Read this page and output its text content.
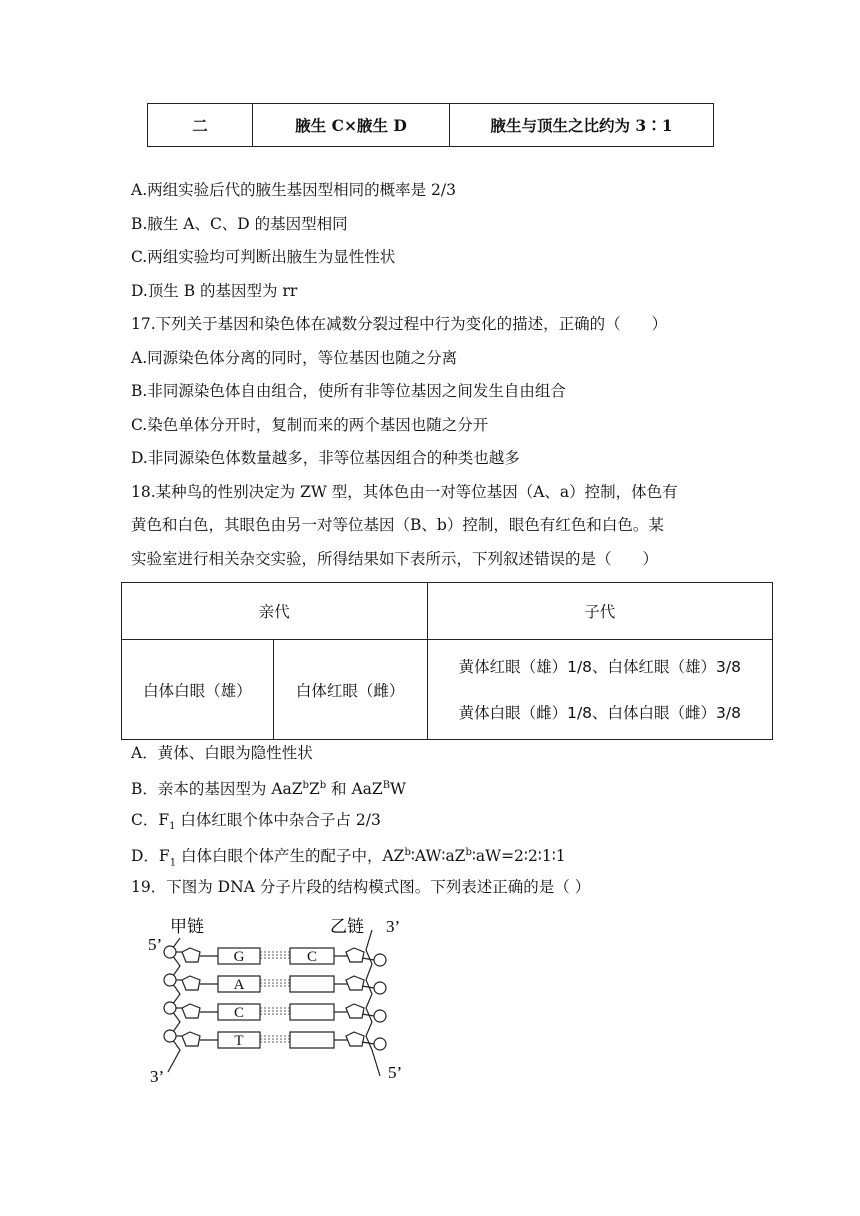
二	腋生 C×腋生 D	腋生与顶生之比约为 3∶1
A.两组实验后代的腋生基因型相同的概率是 2/3
B.腋生 A、C、D 的基因型相同
C.两组实验均可判断出腋生为显性性状
D.顶生 B 的基因型为 rr
17.下列关于基因和染色体在减数分裂过程中行为变化的描述，正确的（　　）
A.同源染色体分离的同时，等位基因也随之分离
B.非同源染色体自由组合，使所有非等位基因之间发生自由组合
C.染色单体分开时，复制而来的两个基因也随之分开
D.非同源染色体数量越多，非等位基因组合的种类也越多
18.某种鸟的性别决定为 ZW 型，其体色由一对等位基因（A、a）控制，体色有
黄色和白色，其眼色由另一对等位基因（B、b）控制，眼色有红色和白色。某
实验室进行相关杂交实验，所得结果如下表所示，下列叙述错误的是（　　）
亲代		子代
白体白眼（雄）	白体红眼（雌）	黄体红眼（雄）1/8、白体红眼（雄）3/8
黄体白眼（雌）1/8、白体白眼（雌）3/8
A．黄体、白眼为隐性性状
B．亲本的基因型为 $AaZ^bZ^b$ 和 AaZ$^B$W
C．$F_1$ 白体红眼个体中杂合子占 2/3
D．$F_1$ 白体白眼个体产生的配子中，$AZ^b∶AW∶aZ^b∶aW=2∶2∶1∶1$
19．下图为 DNA 分子片段的结构模式图。下列表述正确的是（ ）
G	C
A
C
T
甲链	乙链
5’
3’
3’	5’
